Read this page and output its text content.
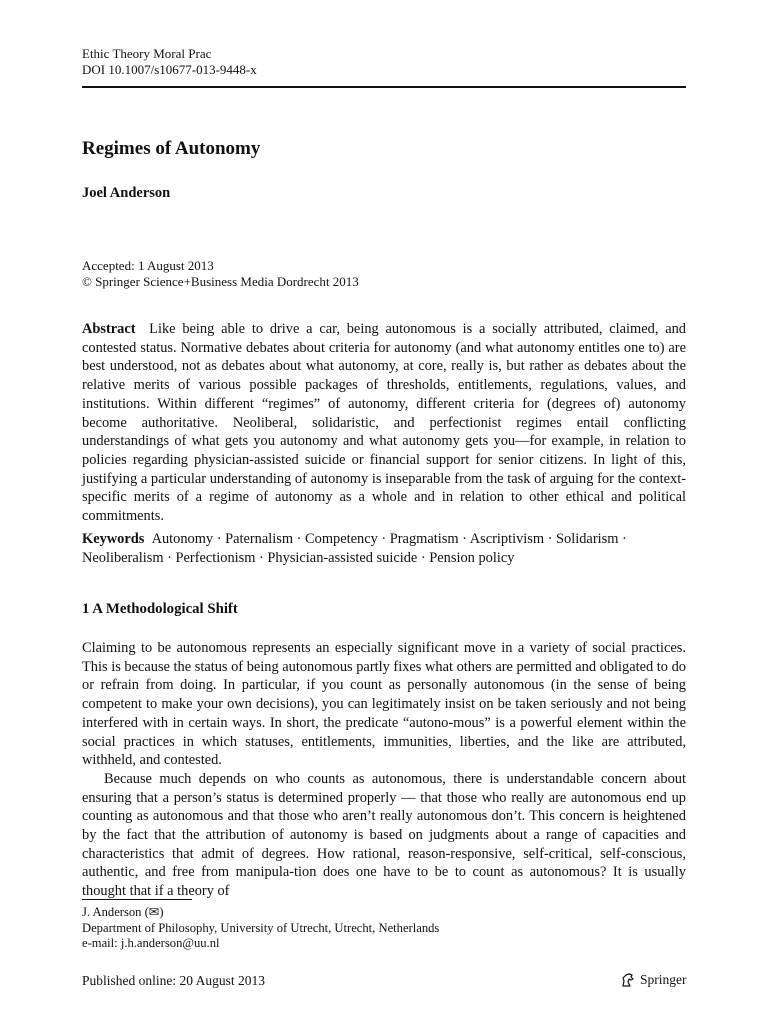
Ethic Theory Moral Prac
DOI 10.1007/s10677-013-9448-x
Regimes of Autonomy
Joel Anderson
Accepted: 1 August 2013
© Springer Science+Business Media Dordrecht 2013

Abstract Like being able to drive a car, being autonomous is a socially attributed, claimed, and contested status. Normative debates about criteria for autonomy (and what autonomy entitles one to) are best understood, not as debates about what autonomy, at core, really is, but rather as debates about the relative merits of various possible packages of thresholds, entitlements, regulations, values, and institutions. Within different “regimes” of autonomy, different criteria for (degrees of) autonomy become authoritative. Neoliberal, solidaristic, and perfectionist regimes entail conflicting understandings of what gets you autonomy and what autonomy gets you—for example, in relation to policies regarding physician-assisted suicide or financial support for senior citizens. In light of this, justifying a particular understanding of autonomy is inseparable from the task of arguing for the context-specific merits of a regime of autonomy as a whole and in relation to other ethical and political commitments.

Keywords Autonomy · Paternalism · Competency · Pragmatism · Ascriptivism · Solidarism · Neoliberalism · Perfectionism · Physician-assisted suicide · Pension policy

1 A Methodological Shift

Claiming to be autonomous represents an especially significant move in a variety of social practices. This is because the status of being autonomous partly fixes what others are permitted and obligated to do or refrain from doing. In particular, if you count as personally autonomous (in the sense of being competent to make your own decisions), you can legitimately insist on be taken seriously and not being interfered with in certain ways. In short, the predicate “autono-mous” is a powerful element within the social practices in which statuses, entitlements, immunities, liberties, and the like are attributed, withheld, and contested.

Because much depends on who counts as autonomous, there is understandable concern about ensuring that a person’s status is determined properly — that those who really are autonomous end up counting as autonomous and that those who aren’t really autonomous don’t. This concern is heightened by the fact that the attribution of autonomy is based on judgments about a range of capacities and characteristics that admit of degrees. How rational, reason-responsive, self-critical, self-conscious, authentic, and free from manipula-tion does one have to be to count as autonomous? It is usually thought that if a theory of

J. Anderson (✉)
Department of Philosophy, University of Utrecht, Utrecht, Netherlands
e-mail: j.h.anderson@uu.nl
Published online: 20 August 2013	Springer
